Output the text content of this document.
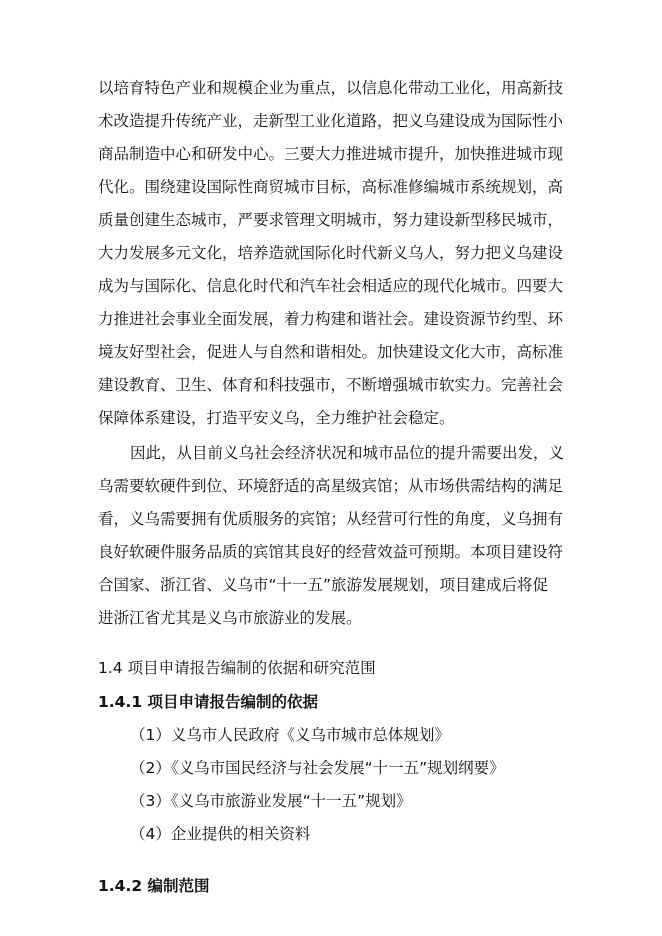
以培育特色产业和规模企业为重点，以信息化带动工业化，用高新技
术改造提升传统产业，走新型工业化道路，把义乌建设成为国际性小
商品制造中心和研发中心。三要大力推进城市提升，加快推进城市现
代化。围绕建设国际性商贸城市目标，高标准修编城市系统规划，高
质量创建生态城市，严要求管理文明城市，努力建设新型移民城市，
大力发展多元文化，培养造就国际化时代新义乌人，努力把义乌建设
成为与国际化、信息化时代和汽车社会相适应的现代化城市。四要大
力推进社会事业全面发展，着力构建和谐社会。建设资源节约型、环
境友好型社会，促进人与自然和谐相处。加快建设文化大市，高标准
建设教育、卫生、体育和科技强市，不断增强城市软实力。完善社会
保障体系建设，打造平安义乌，全力维护社会稳定。
因此，从目前义乌社会经济状况和城市品位的提升需要出发，义
乌需要软硬件到位、环境舒适的高星级宾馆；从市场供需结构的满足
看，义乌需要拥有优质服务的宾馆；从经营可行性的角度，义乌拥有
良好软硬件服务品质的宾馆其良好的经营效益可预期。本项目建设符
合国家、浙江省、义乌市“十一五”旅游发展规划，项目建成后将促
进浙江省尤其是义乌市旅游业的发展。
1.4 项目申请报告编制的依据和研究范围
1.4.1 项目申请报告编制的依据
（1）义乌市人民政府《义乌市城市总体规划》
（2）《义乌市国民经济与社会发展“十一五”规划纲要》
（3）《义乌市旅游业发展“十一五”规划》
（4）企业提供的相关资料
1.4.2 编制范围
